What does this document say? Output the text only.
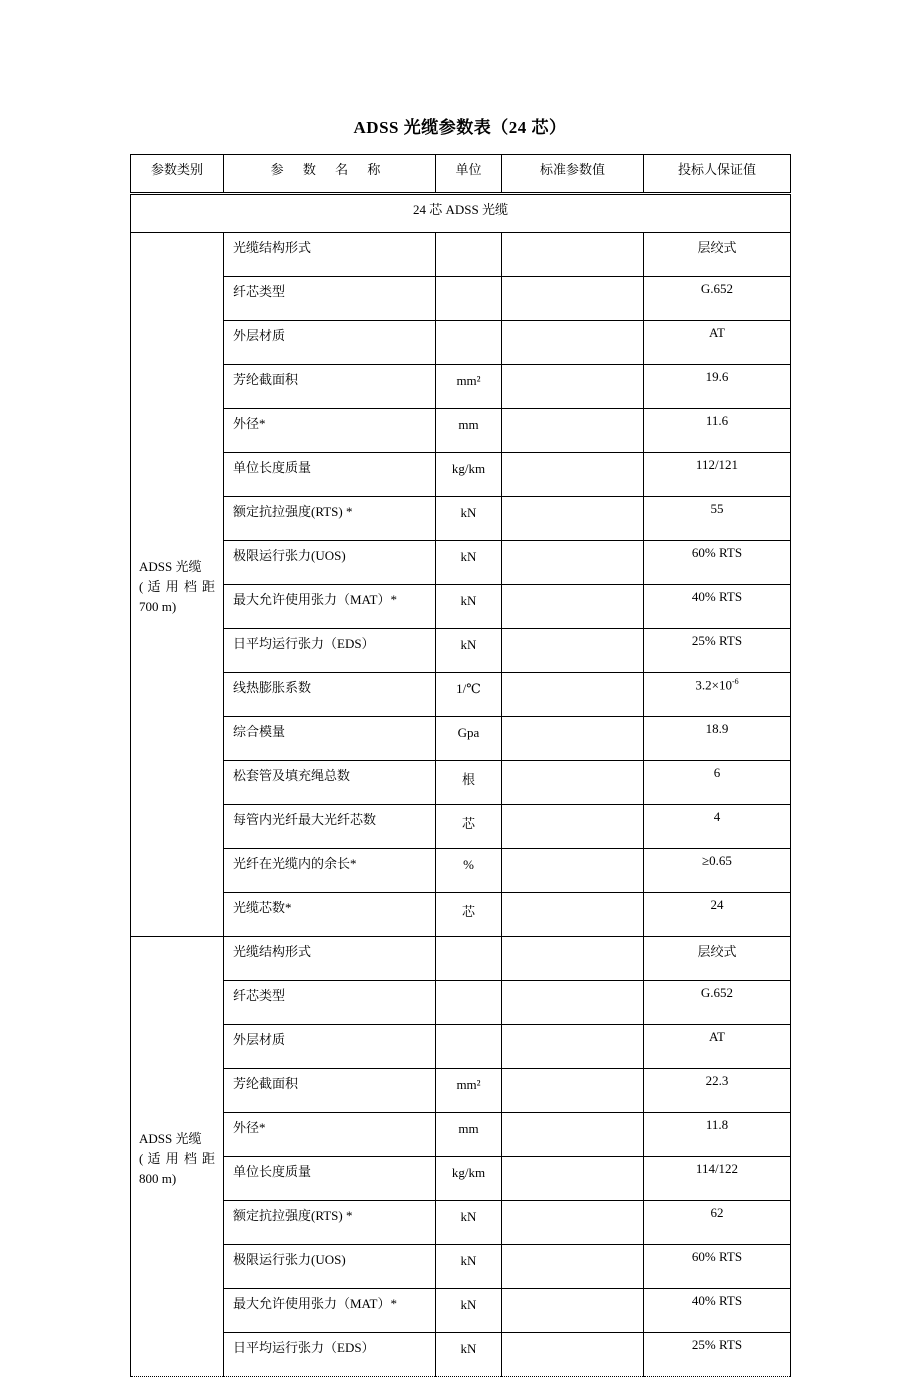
ADSS 光缆参数表（24 芯）
参数类别	参 数 名 称	单位	标准参数值	投标人保证值
24 芯 ADSS 光缆				

ADSS 光缆
( 适 用 档 距
700 m)	光缆结构形式			层绞式
	纤芯类型			G.652
	外层材质			AT
	芳纶截面积	mm²		19.6
	外径*	mm		11.6
	单位长度质量	kg/km		112/121
	额定抗拉强度(RTS) *	kN		55
	极限运行张力(UOS)	kN		60% RTS
	最大允许使用张力（MAT）*	kN		40% RTS
	日平均运行张力（EDS）	kN		25% RTS
	线热膨胀系数	1/℃		$3.2\times 10^{-6}$
	综合模量	Gpa		18.9
	松套管及填充绳总数	根		6
	每管内光纤最大光纤芯数	芯		4
	光纤在光缆内的余长*	%		≥0.65
	光缆芯数*	芯		24

ADSS 光缆
( 适 用 档 距
800 m)	光缆结构形式			层绞式
	纤芯类型			G.652
	外层材质			AT
	芳纶截面积	mm²		22.3
	外径*	mm		11.8
	单位长度质量	kg/km		114/122
	额定抗拉强度(RTS) *	kN		62
	极限运行张力(UOS)	kN		60% RTS
	最大允许使用张力（MAT）*	kN		40% RTS
	日平均运行张力（EDS）	kN		25% RTS
